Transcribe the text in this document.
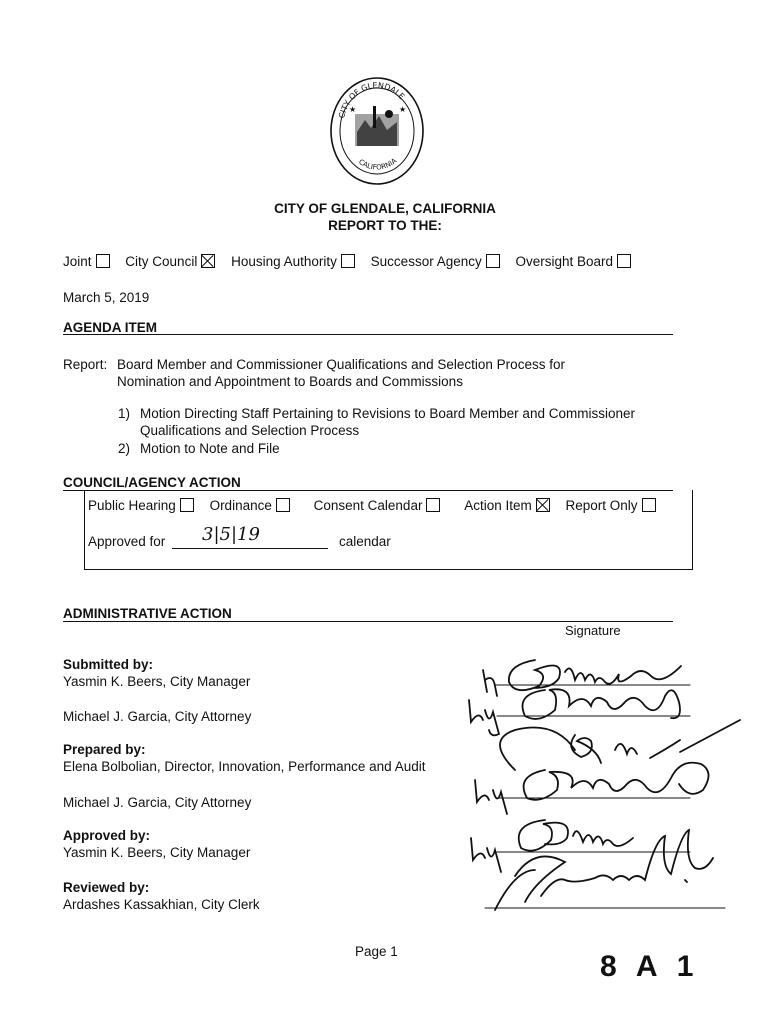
CITY OF GLENDALE
CALIFORNIA
★	★
CITY OF GLENDALE, CALIFORNIA
REPORT TO THE:
Joint	City Council	Housing Authority	Successor Agency	Oversight Board
March 5, 2019
AGENDA ITEM
Report: Board Member and Commissioner Qualifications and Selection Process for
Nomination and Appointment to Boards and Commissions
1) Motion Directing Staff Pertaining to Revisions to Board Member and Commissioner
Qualifications and Selection Process
2) Motion to Note and File
COUNCIL/AGENCY ACTION
Public Hearing	Ordinance	Consent Calendar	Action Item	Report Only
Approved for 3|5|19	calendar
ADMINISTRATIVE ACTION
Signature
Submitted by:
Yasmin K. Beers, City Manager
Michael J. Garcia, City Attorney
Prepared by:
Elena Bolbolian, Director, Innovation, Performance and Audit
Michael J. Garcia, City Attorney
Approved by:
Yasmin K. Beers, City Manager
Reviewed by:
Ardashes Kassakhian, City Clerk
Page 1	8 A 1
